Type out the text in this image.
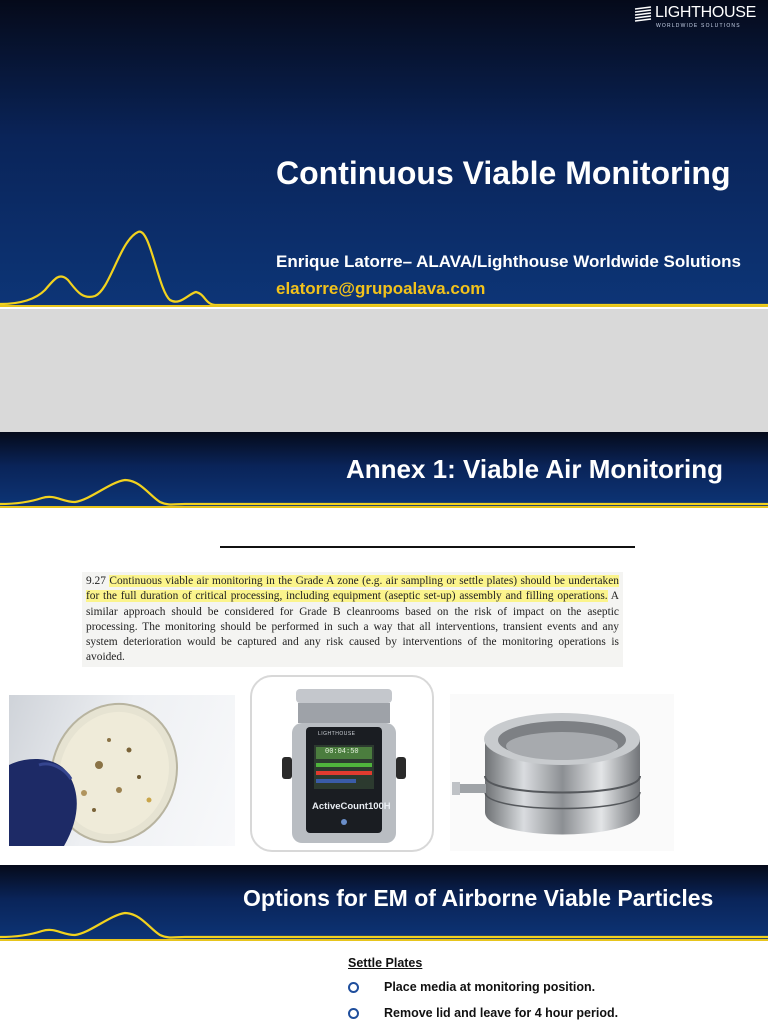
LIGHTHOUSE
WORLDWIDE SOLUTIONS
Continuous Viable Monitoring
Enrique Latorre– ALAVA/Lighthouse Worldwide Solutions
elatorre@grupoalava.com
Annex 1: Viable Air Monitoring
9.27 Continuous viable air monitoring in the Grade A zone (e.g. air sampling or settle plates) should be undertaken for the full duration of critical processing, including equipment (aseptic set-up) assembly and filling operations. A similar approach should be considered for Grade B cleanrooms based on the risk of impact on the aseptic processing. The monitoring should be performed in such a way that all interventions, transient events and any system deterioration would be captured and any risk caused by interventions of the monitoring operations is avoided.
LIGHTHOUSE
00:04:50
ActiveCount100H
Options for EM of Airborne Viable Particles
Settle Plates
Place media at monitoring position.
Remove lid and leave for 4 hour period.
